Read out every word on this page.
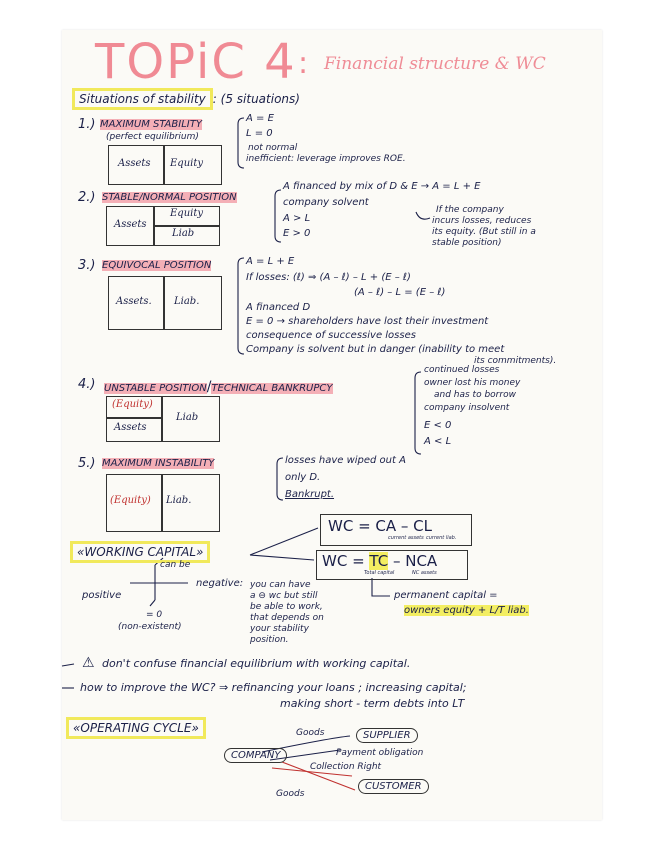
TOPiC 4 : Financial structure & WC
Situations of stability : (5 situations)
1.) MAXIMUM STABILITY
(perfect equilibrium)
Assets Equity
A = E
L = 0
not normal
inefficient: leverage improves ROE.
2.) STABLE/NORMAL POSITION
Assets
Equity
Liab
A financed by mix of D & E → A = L + E
company solvent
A > L
E > 0
If the company
incurs losses, reduces
its equity. (But still in a
stable position)
3.) EQUIVOCAL POSITION
Assets. Liab.
A = L + E
If losses: (ℓ) ⇒ (A – ℓ) – L + (E – ℓ)
(A – ℓ) – L = (E – ℓ)
A financed D
E = 0 → shareholders have lost their investment
consequence of successive losses
Company is solvent but in danger (inability to meet
its commitments).
4.) UNSTABLE POSITION/TECHNICAL BANKRUPCY
(Equity)
Assets
Liab
continued losses
owner lost his money
and has to borrow
company insolvent
E < 0
A < L
5.) MAXIMUM INSTABILITY
(Equity) Liab.
losses have wiped out A
only D.
Bankrupt.
«WORKING CAPITAL»
WC = CA – CL
current assets current liab.
WC = TC – NCA
Total capital	NC assets
can be
positive
negative: you can have
a ⊖ wc but still
be able to work,
that depends on
your stability
position.
= 0
(non-existent)
permanent capital =
owners equity + L/T liab.
⚠ don't confuse financial equilibrium with working capital.
how to improve the WC? ⇒ refinancing your loans ; increasing capital;
making short - term debts into LT
«OPERATING CYCLE»
COMPANY
SUPPLIER
CUSTOMER
Goods
Payment obligation
Collection Right
Goods
